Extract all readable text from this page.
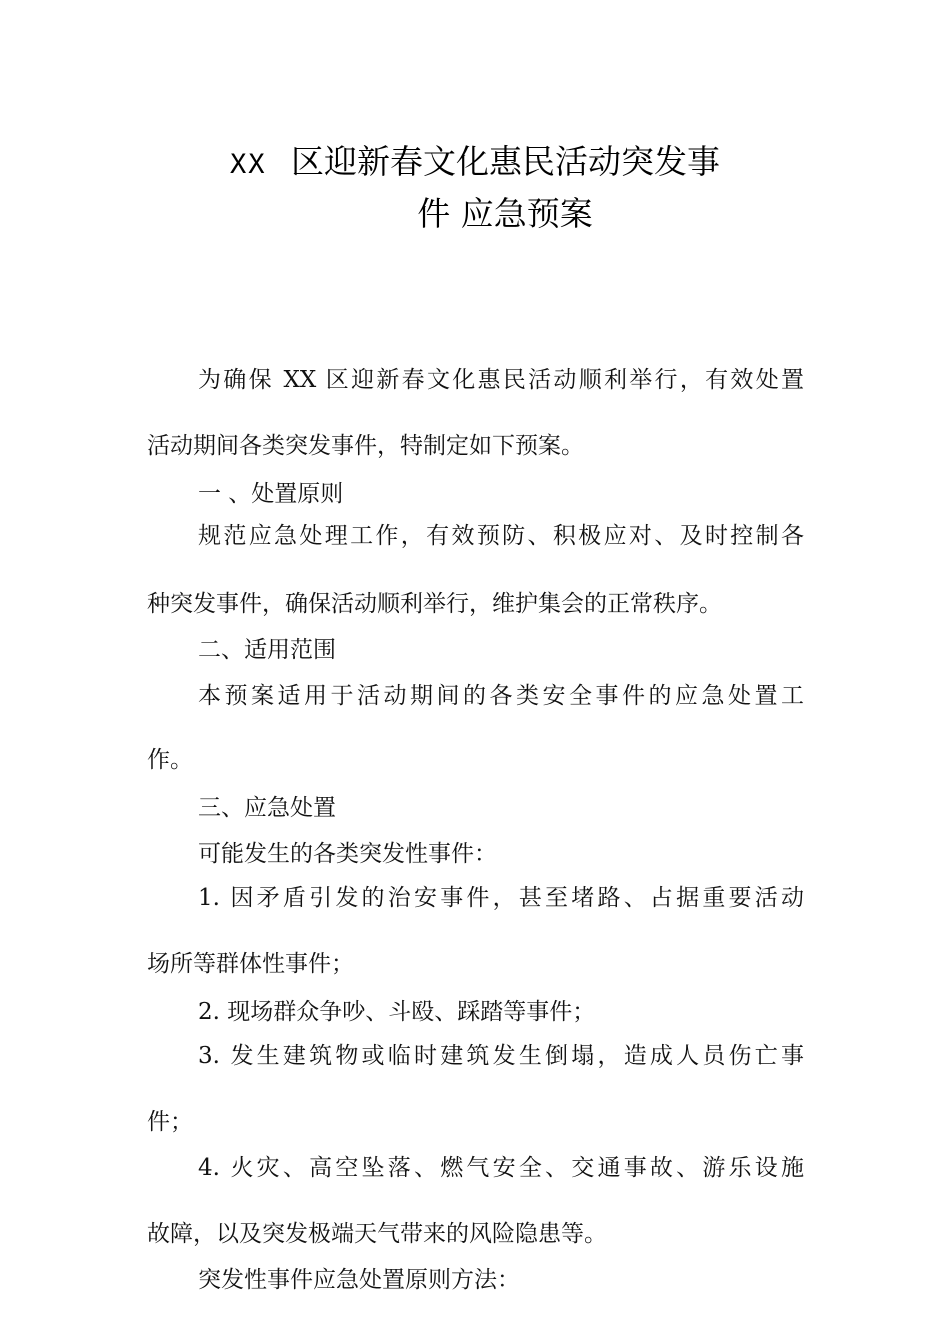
XX 区迎新春文化惠民活动突发事
件 应急预案
为确保 XX 区迎新春文化惠民活动顺利举行，有效处置
活动期间各类突发事件，特制定如下预案。
一 、处置原则
规范应急处理工作，有效预防、积极应对、及时控制各
种突发事件，确保活动顺利举行，维护集会的正常秩序。
二、适用范围
本预案适用于活动期间的各类安全事件的应急处置工
作。
三、应急处置
可能发生的各类突发性事件：
1. 因矛盾引发的治安事件，甚至堵路、占据重要活动
场所等群体性事件；
2. 现场群众争吵、斗殴、踩踏等事件；
3. 发生建筑物或临时建筑发生倒塌，造成人员伤亡事
件；
4. 火灾、高空坠落、燃气安全、交通事故、游乐设施
故障，以及突发极端天气带来的风险隐患等。
突发性事件应急处置原则方法：
